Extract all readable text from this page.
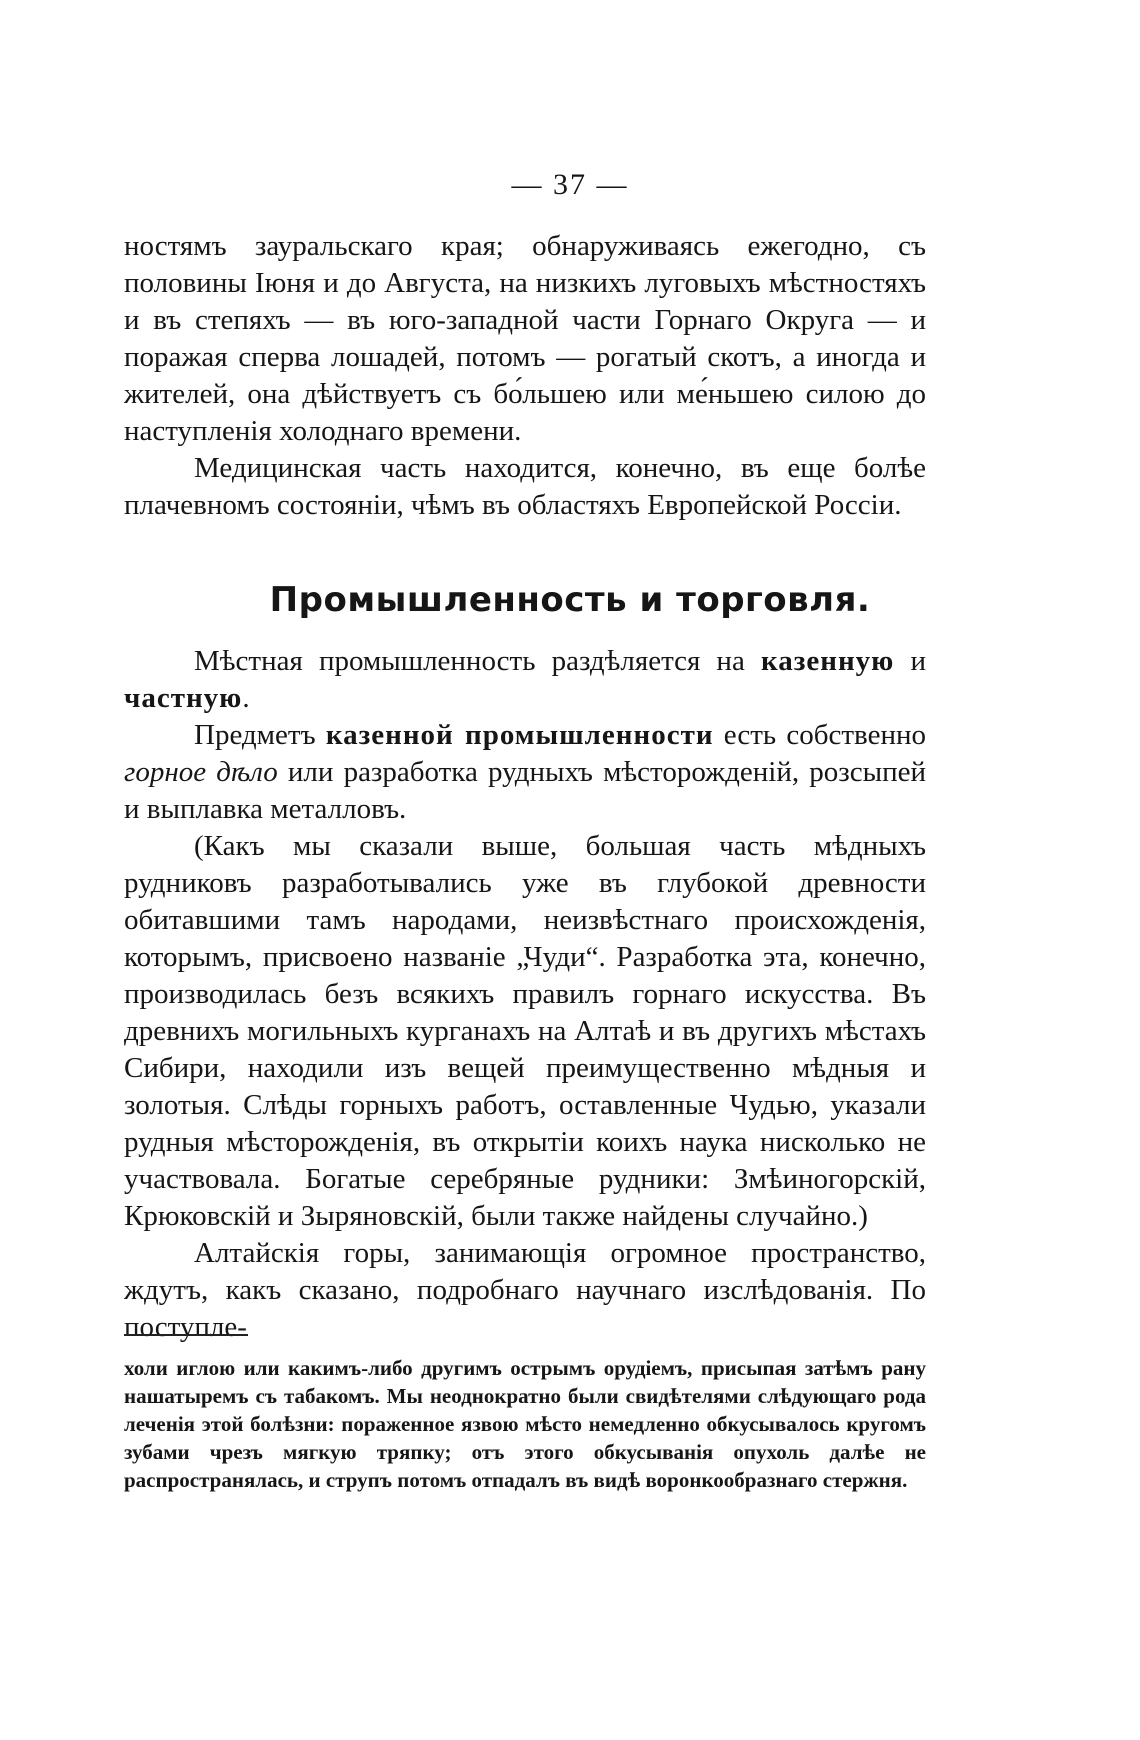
— 37 —

ностямъ зауральскаго края; обнаруживаясь ежегодно, съ половины Іюня и до Августа, на низкихъ луговыхъ мѣстностяхъ и въ степяхъ — въ юго-западной части Горнаго Округа — и поражая сперва лошадей, потомъ — рогатый скотъ, а иногда и жителей, она дѣйствуетъ съ бо́льшею или ме́ньшею силою до наступленія холоднаго времени.

Медицинская часть находится, конечно, въ еще болѣе плачевномъ состояніи, чѣмъ въ областяхъ Европейской Россіи.

Промышленность и торговля.

Мѣстная промышленность раздѣляется на казенную и частную.

Предметъ казенной промышленности есть собственно горное дѣло или разработка рудныхъ мѣсторожденій, розсыпей и выплавка металловъ.

(Какъ мы сказали выше, большая часть мѣдныхъ рудниковъ разработывались уже въ глубокой древности обитавшими тамъ народами, неизвѣстнаго происхожденія, которымъ, присвоено названіе „Чуди“. Разработка эта, конечно, производилась безъ всякихъ правилъ горнаго искусства. Въ древнихъ могильныхъ курганахъ на Алтаѣ и въ другихъ мѣстахъ Сибири, находили изъ вещей преимущественно мѣдныя и золотыя. Слѣды горныхъ работъ, оставленные Чудью, указали рудныя мѣсторожденія, въ открытіи коихъ наука нисколько не участвовала. Богатые серебряные рудники: Змѣиногорскій, Крюковскій и Зыряновскій, были также найдены случайно.)

Алтайскія горы, занимающія огромное пространство, ждутъ, какъ сказано, подробнаго научнаго изслѣдованія. По поступле-

холи иглою или какимъ-либо другимъ острымъ орудіемъ, присыпая затѣмъ рану нашатыремъ съ табакомъ. Мы неоднократно были свидѣтелями слѣдующаго рода леченія этой болѣзни: пораженное язвою мѣсто немедленно обкусывалось кругомъ зубами чрезъ мягкую тряпку; отъ этого обкусыванія опухоль далѣе не распространялась, и струпъ потомъ отпадалъ въ видѣ воронкообразнаго стержня.
